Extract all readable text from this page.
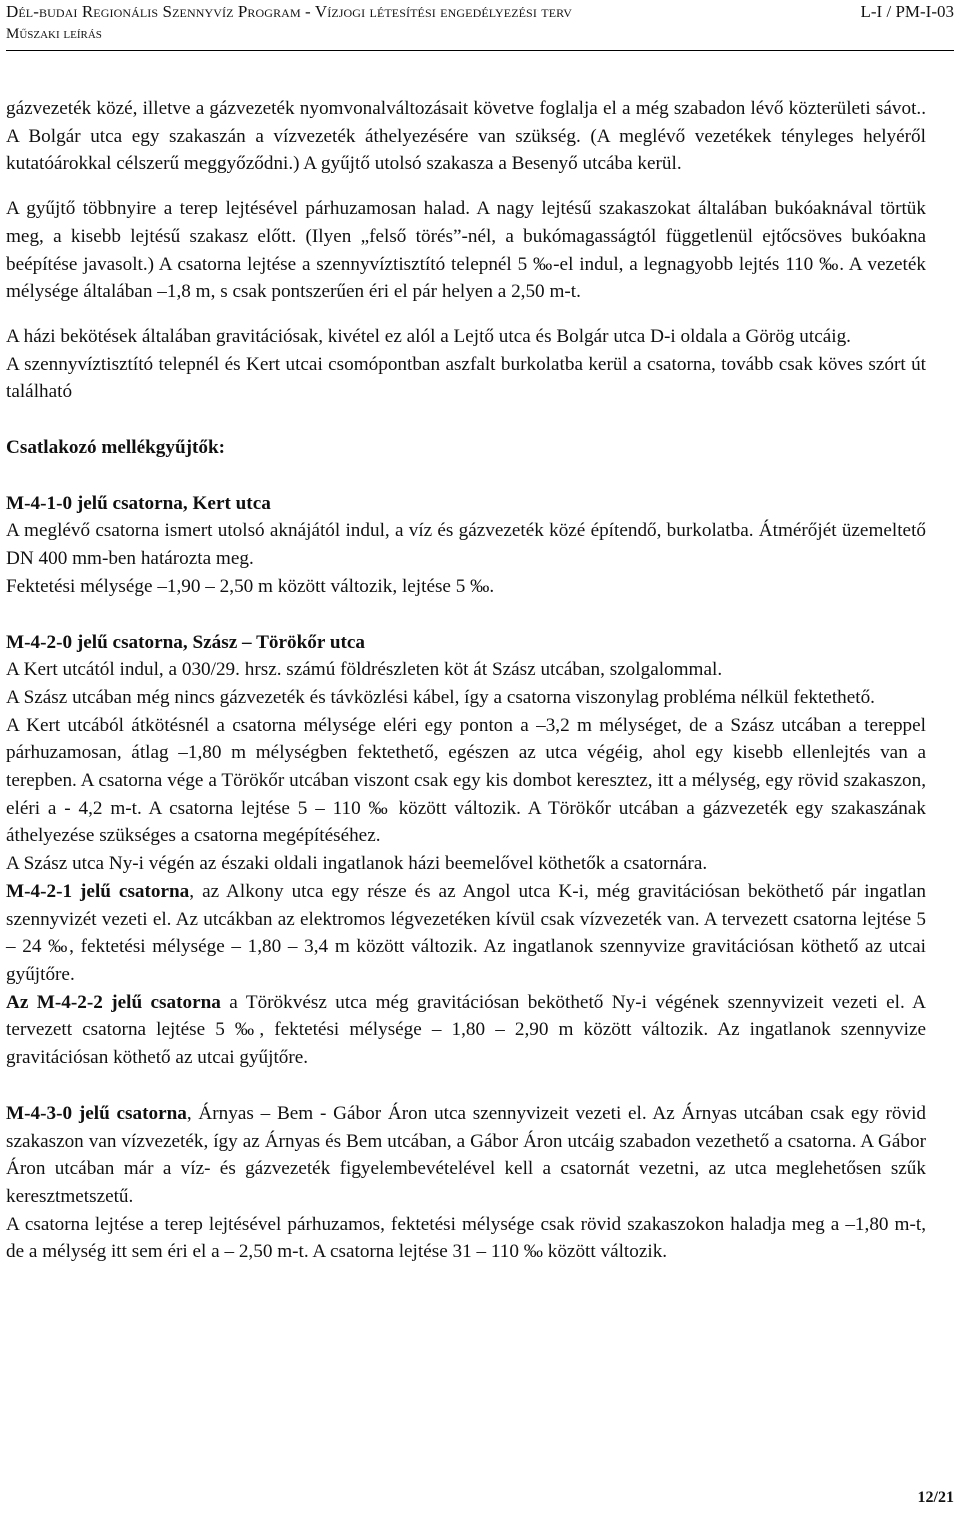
Dél-budai Regionális Szennyvíz Program - Vízjogi létesítési engedélyezési terv
Műszaki leírás
L-I / PM-I-03

gázvezeték közé, illetve a gázvezeték nyomvonalváltozásait követve foglalja el a még szabadon lévő közterületi sávot.. A Bolgár utca egy szakaszán a vízvezeték áthelyezésére van szükség. (A meglévő vezetékek tényleges helyéről kutatóárokkal célszerű meggyőződni.) A gyűjtő utolsó szakasza a Besenyő utcába kerül.

A gyűjtő többnyire a terep lejtésével párhuzamosan halad. A nagy lejtésű szakaszokat általában bukóaknával törtük meg, a kisebb lejtésű szakasz előtt. (Ilyen „felső törés”-nél, a bukómagasságtól függetlenül ejtőcsöves bukóakna beépítése javasolt.) A csatorna lejtése a szennyvíztisztító telepnél 5 ‰-el indul, a legnagyobb lejtés 110 ‰. A vezeték mélysége általában –1,8 m, s csak pontszerűen éri el pár helyen a 2,50 m-t.

A házi bekötések általában gravitációsak, kivétel ez alól a Lejtő utca és Bolgár utca D-i oldala a Görög utcáig.

A szennyvíztisztító telepnél és Kert utcai csomópontban aszfalt burkolatba kerül a csatorna, tovább csak köves szórt út található

Csatlakozó mellékgyűjtők:

M-4-1-0 jelű csatorna, Kert utca

A meglévő csatorna ismert utolsó aknájától indul, a víz és gázvezeték közé építendő, burkolatba. Átmérőjét üzemeltető DN 400 mm-ben határozta meg.

Fektetési mélysége –1,90 – 2,50 m között változik, lejtése 5 ‰.

M-4-2-0 jelű csatorna, Szász – Törökőr utca

A Kert utcától indul, a 030/29. hrsz. számú földrészleten köt át Szász utcában, szolgalommal.

A Szász utcában még nincs gázvezeték és távközlési kábel, így a csatorna viszonylag probléma nélkül fektethető.

A Kert utcából átkötésnél a csatorna mélysége eléri egy ponton a –3,2 m mélységet, de a Szász utcában a tereppel párhuzamosan, átlag –1,80 m mélységben fektethető, egészen az utca végéig, ahol egy kisebb ellenlejtés van a terepben. A csatorna vége a Törökőr utcában viszont csak egy kis dombot keresztez, itt a mélység, egy rövid szakaszon, eléri a - 4,2 m-t. A csatorna lejtése 5 – 110 ‰ között változik. A Törökőr utcában a gázvezeték egy szakaszának áthelyezése szükséges a csatorna megépítéséhez.

A Szász utca Ny-i végén az északi oldali ingatlanok házi beemelővel köthetők a csatornára.

M-4-2-1 jelű csatorna, az Alkony utca egy része és az Angol utca K-i, még gravitációsan beköthető pár ingatlan szennyvizét vezeti el. Az utcákban az elektromos légvezetéken kívül csak vízvezeték van. A tervezett csatorna lejtése 5 – 24 ‰, fektetési mélysége – 1,80 – 3,4 m között változik. Az ingatlanok szennyvize gravitációsan köthető az utcai gyűjtőre.

Az M-4-2-2 jelű csatorna a Törökvész utca még gravitációsan beköthető Ny-i végének szennyvizeit vezeti el. A tervezett csatorna lejtése 5 ‰, fektetési mélysége – 1,80 – 2,90 m között változik. Az ingatlanok szennyvize gravitációsan köthető az utcai gyűjtőre.

M-4-3-0 jelű csatorna, Árnyas – Bem - Gábor Áron utca szennyvizeit vezeti el. Az Árnyas utcában csak egy rövid szakaszon van vízvezeték, így az Árnyas és Bem utcában, a Gábor Áron utcáig szabadon vezethető a csatorna. A Gábor Áron utcában már a víz- és gázvezeték figyelembevételével kell a csatornát vezetni, az utca meglehetősen szűk keresztmetszetű.

A csatorna lejtése a terep lejtésével párhuzamos, fektetési mélysége csak rövid szakaszokon haladja meg a –1,80 m-t, de a mélység itt sem éri el a – 2,50 m-t. A csatorna lejtése 31 – 110 ‰ között változik.

12/21
